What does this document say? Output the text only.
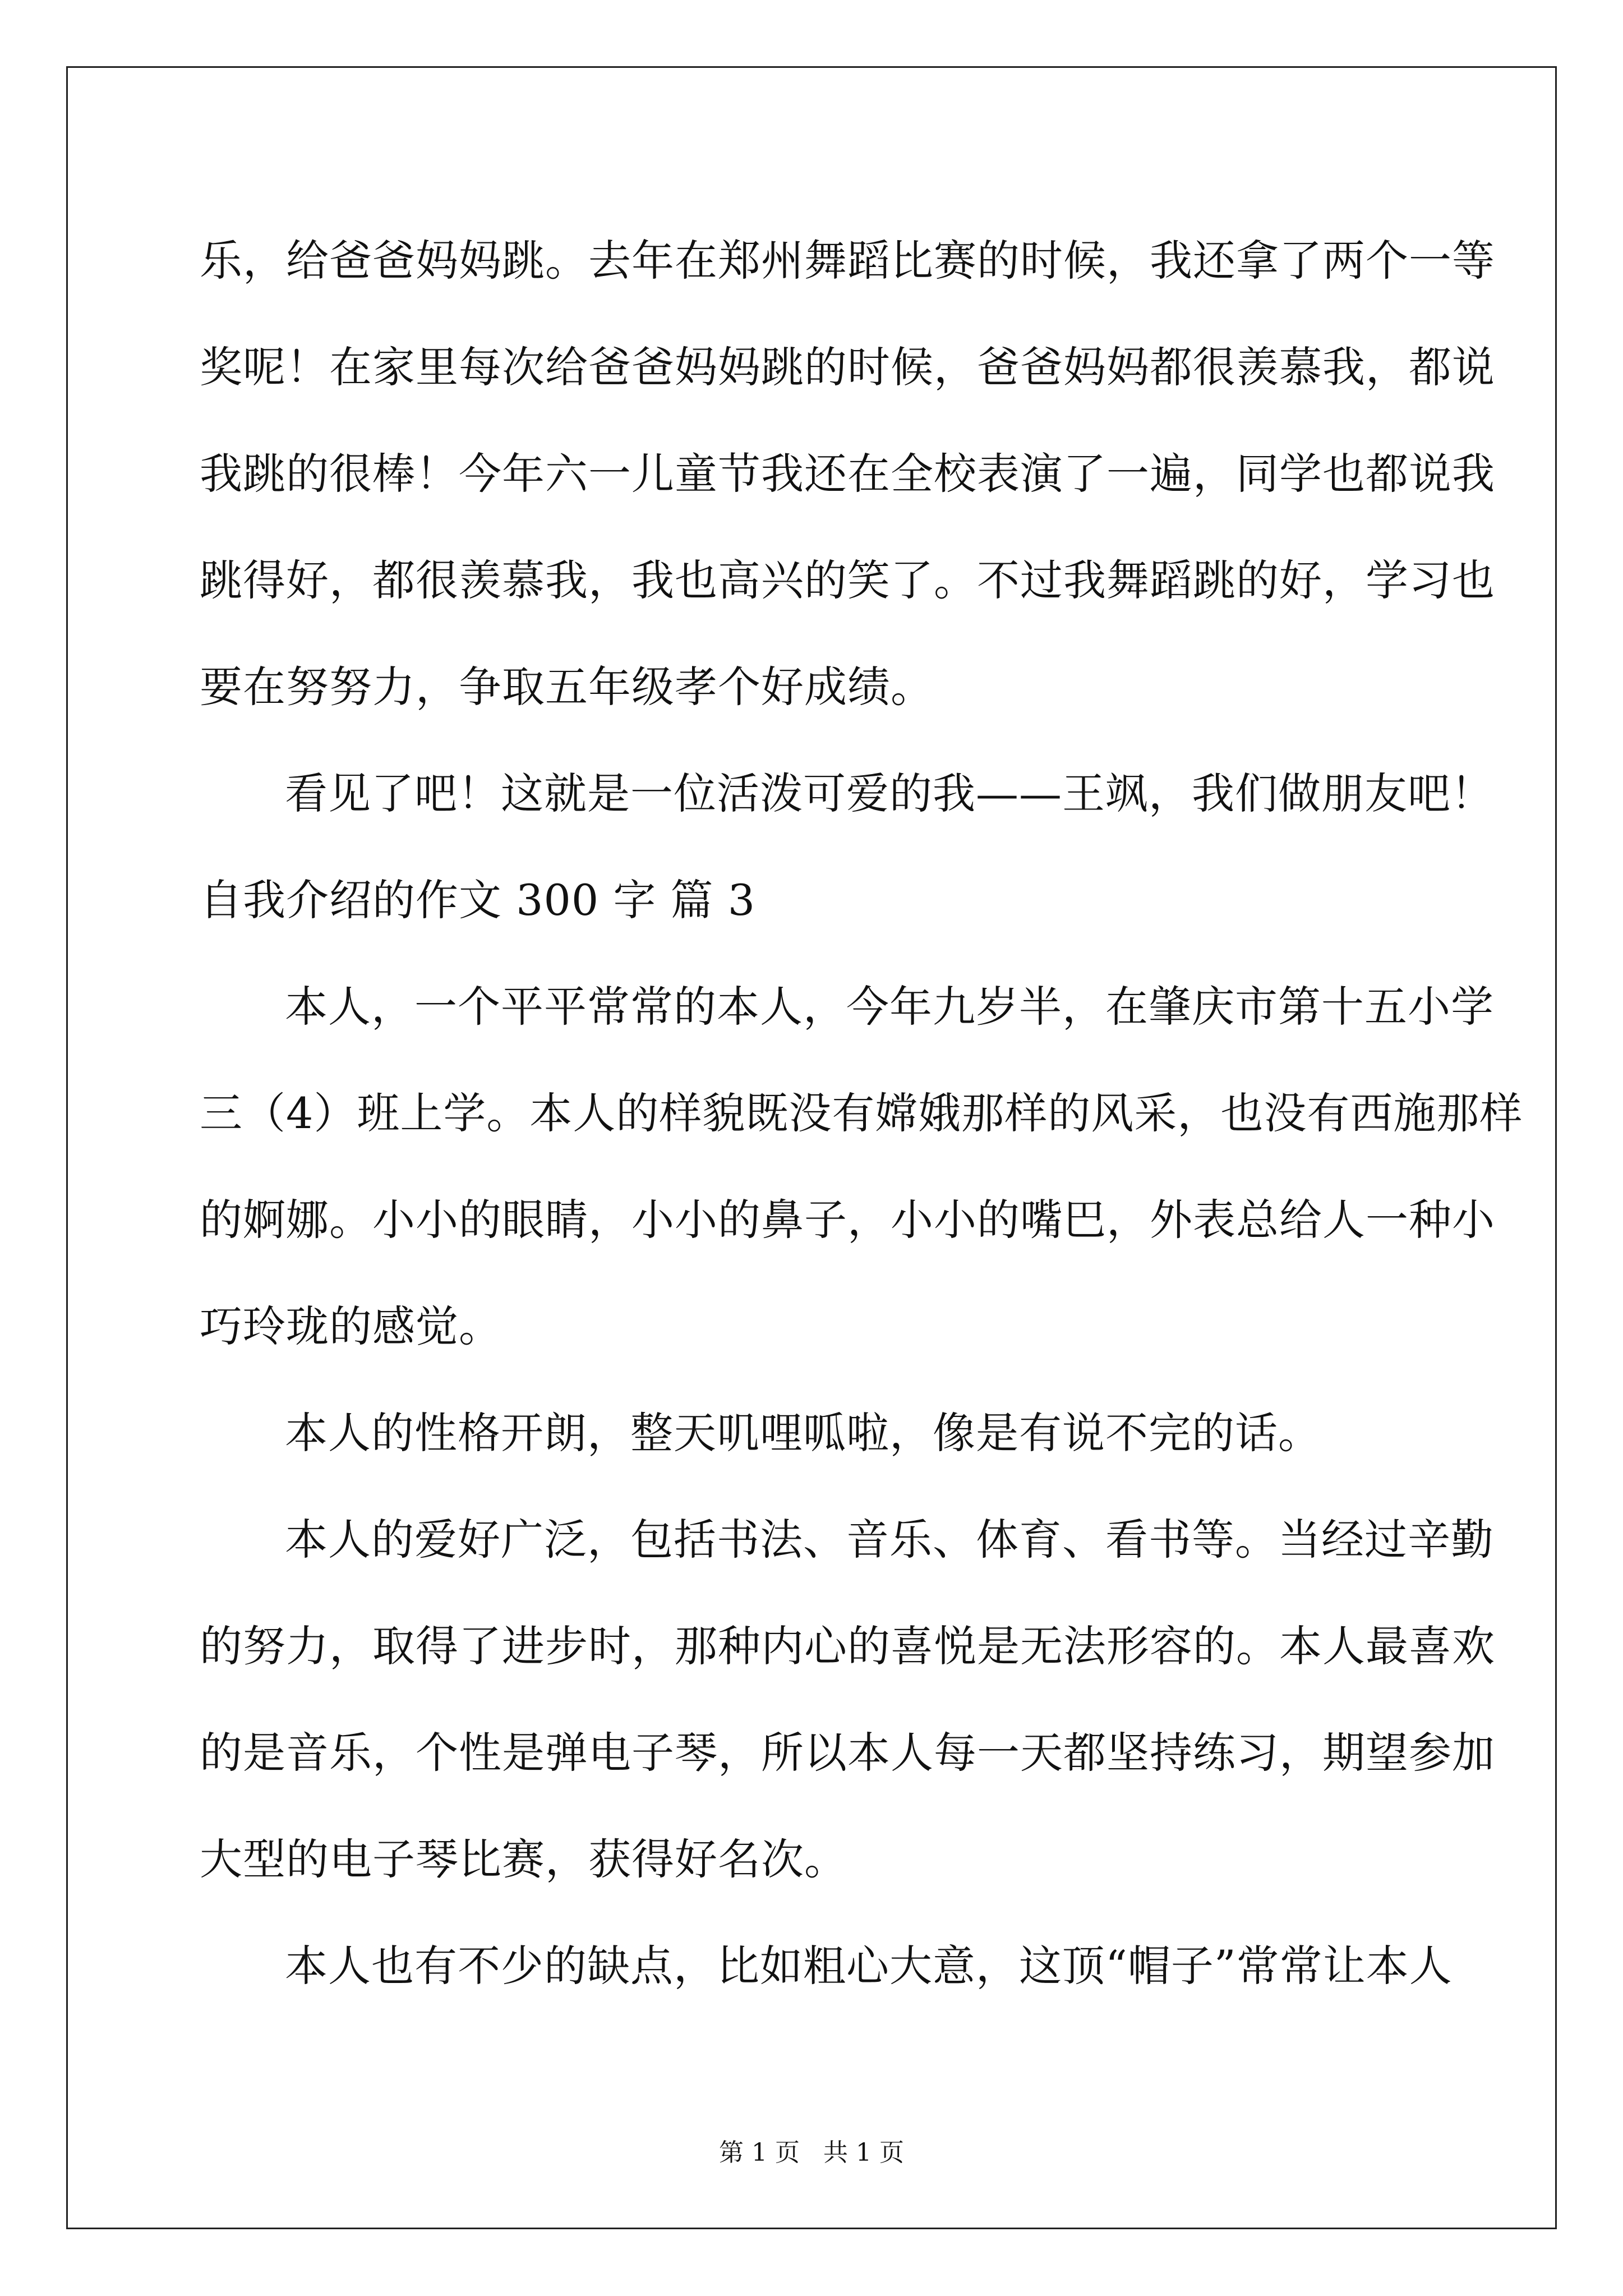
乐，给爸爸妈妈跳。去年在郑州舞蹈比赛的时候，我还拿了两个一等

奖呢！在家里每次给爸爸妈妈跳的时候，爸爸妈妈都很羡慕我，都说

我跳的很棒！今年六一儿童节我还在全校表演了一遍，同学也都说我

跳得好，都很羡慕我，我也高兴的笑了。不过我舞蹈跳的好，学习也

要在努努力，争取五年级孝个好成绩。

看见了吧！这就是一位活泼可爱的我——王飒，我们做朋友吧！

自我介绍的作文 300 字 篇 3

本人，一个平平常常的本人，今年九岁半，在肇庆市第十五小学

三（4）班上学。本人的样貌既没有嫦娥那样的风采，也没有西施那样

的婀娜。小小的眼睛，小小的鼻子，小小的嘴巴，外表总给人一种小

巧玲珑的感觉。

本人的性格开朗，整天叽哩呱啦，像是有说不完的话。

本人的爱好广泛，包括书法、音乐、体育、看书等。当经过辛勤

的努力，取得了进步时，那种内心的喜悦是无法形容的。本人最喜欢

的是音乐，个性是弹电子琴，所以本人每一天都坚持练习，期望参加

大型的电子琴比赛，获得好名次。

本人也有不少的缺点，比如粗心大意，这顶“帽子”常常让本人

第 1 页   共 1 页
